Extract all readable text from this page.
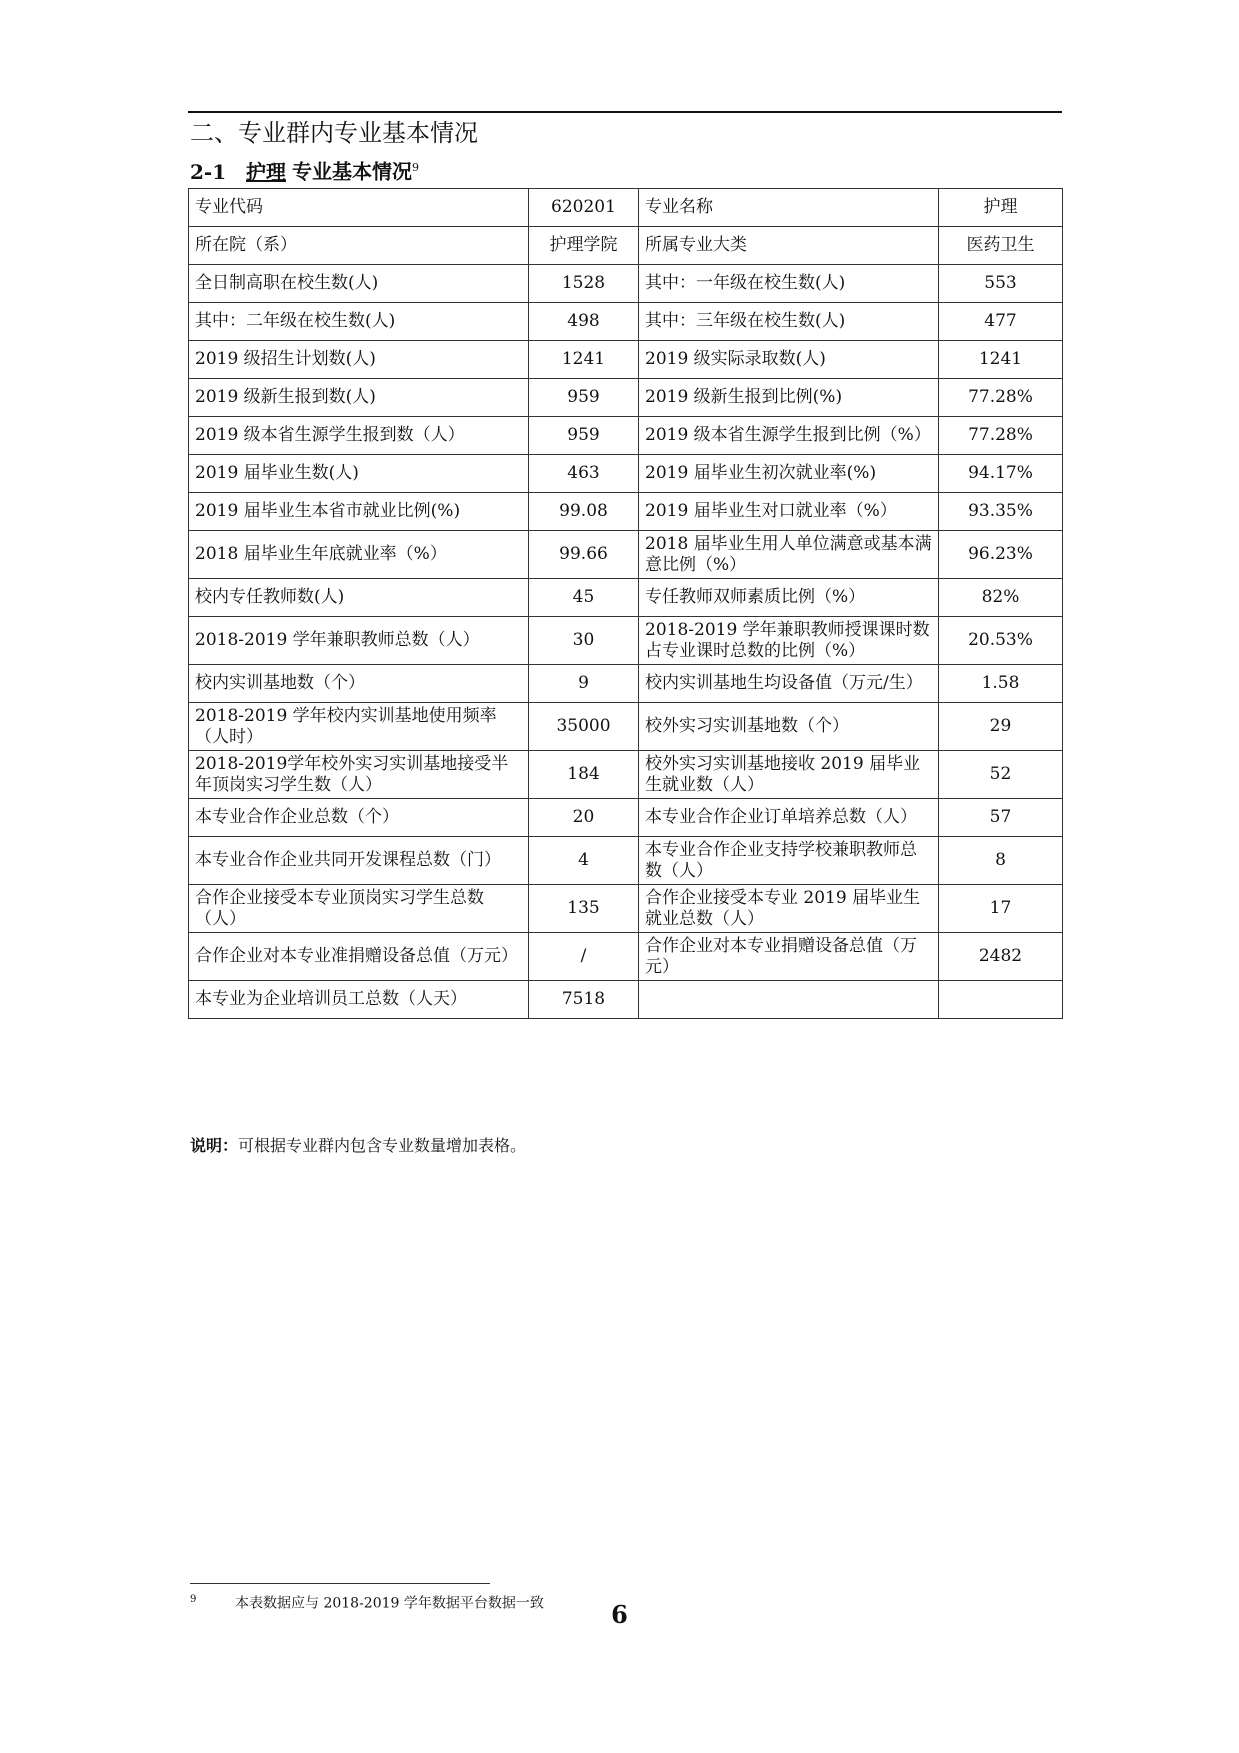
二、专业群内专业基本情况
2-1 护理 专业基本情况$^9$
专业代码	620201	专业名称	护理
所在院（系）	护理学院	所属专业大类	医药卫生
全日制高职在校生数(人)	1528	其中：一年级在校生数(人)	553
其中：二年级在校生数(人)	498	其中：三年级在校生数(人)	477
2019 级招生计划数(人)	1241	2019 级实际录取数(人)	1241
2019 级新生报到数(人)	959	2019 级新生报到比例(%)	77.28%
2019 级本省生源学生报到数（人）	959	2019 级本省生源学生报到比例（%）	77.28%
2019 届毕业生数(人)	463	2019 届毕业生初次就业率(%)	94.17%
2019 届毕业生本省市就业比例(%)	99.08	2019 届毕业生对口就业率（%）	93.35%
2018 届毕业生年底就业率（%）	99.66	2018 届毕业生用人单位满意或基本满意比例（%）	96.23%
校内专任教师数(人)	45	专任教师双师素质比例（%）	82%
2018-2019 学年兼职教师总数（人）	30	2018-2019 学年兼职教师授课课时数占专业课时总数的比例（%）	20.53%
校内实训基地数（个）	9	校内实训基地生均设备值（万元/生）	1.58
2018-2019 学年校内实训基地使用频率（人时）	35000	校外实习实训基地数（个）	29
2018-2019学年校外实习实训基地接受半年顶岗实习学生数（人）	184	校外实习实训基地接收 2019 届毕业生就业数（人）	52
本专业合作企业总数（个）	20	本专业合作企业订单培养总数（人）	57
本专业合作企业共同开发课程总数（门）	4	本专业合作企业支持学校兼职教师总数（人）	8
合作企业接受本专业顶岗实习学生总数（人）	135	合作企业接受本专业 2019 届毕业生就业总数（人）	17
合作企业对本专业准捐赠设备总值（万元）	/	合作企业对本专业捐赠设备总值（万元）	2482
本专业为企业培训员工总数（人天）	7518		
说明：可根据专业群内包含专业数量增加表格。
9	本表数据应与 2018-2019 学年数据平台数据一致	6
